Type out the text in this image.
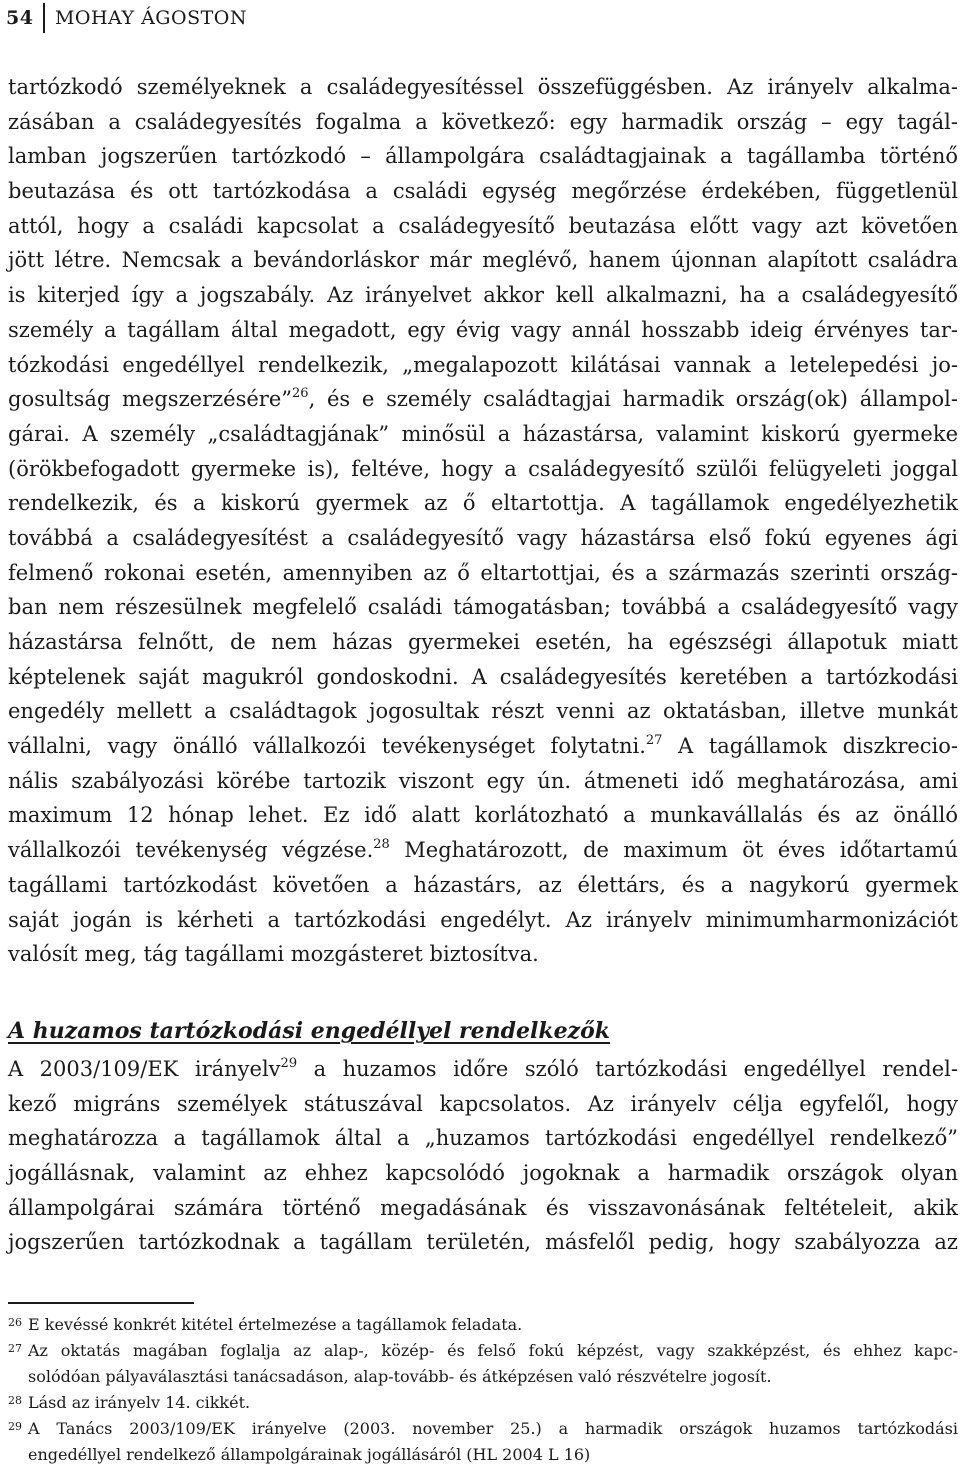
54	MOHAY ÁGOSTON
tartózkodó személyeknek a családegyesítéssel összefüggésben. Az irányelv alkalma-
zásában a családegyesítés fogalma a következő: egy harmadik ország – egy tagál-
lamban jogszerűen tartózkodó – állampolgára családtagjainak a tagállamba történő
beutazása és ott tartózkodása a családi egység megőrzése érdekében, függetlenül
attól, hogy a családi kapcsolat a családegyesítő beutazása előtt vagy azt követően
jött létre. Nemcsak a bevándorláskor már meglévő, hanem újonnan alapított családra
is kiterjed így a jogszabály. Az irányelvet akkor kell alkalmazni, ha a családegyesítő
személy a tagállam által megadott, egy évig vagy annál hosszabb ideig érvényes tar-
tózkodási engedéllyel rendelkezik, „megalapozott kilátásai vannak a letelepedési jo-
gosultság megszerzésére”$^{26}$, és e személy családtagjai harmadik ország(ok) állampol-
gárai. A személy „családtagjának” minősül a házastársa, valamint kiskorú gyermeke
(örökbefogadott gyermeke is), feltéve, hogy a családegyesítő szülői felügyeleti joggal
rendelkezik, és a kiskorú gyermek az ő eltartottja. A tagállamok engedélyezhetik
továbbá a családegyesítést a családegyesítő vagy házastársa első fokú egyenes ági
felmenő rokonai esetén, amennyiben az ő eltartottjai, és a származás szerinti ország-
ban nem részesülnek megfelelő családi támogatásban; továbbá a családegyesítő vagy
házastársa felnőtt, de nem házas gyermekei esetén, ha egészségi állapotuk miatt
képtelenek saját magukról gondoskodni. A családegyesítés keretében a tartózkodási
engedély mellett a családtagok jogosultak részt venni az oktatásban, illetve munkát
vállalni, vagy önálló vállalkozói tevékenységet folytatni.$^{27}$ A tagállamok diszkrecio-
nális szabályozási körébe tartozik viszont egy ún. átmeneti idő meghatározása, ami
maximum 12 hónap lehet. Ez idő alatt korlátozható a munkavállalás és az önálló
vállalkozói tevékenység végzése.$^{28}$ Meghatározott, de maximum öt éves időtartamú
tagállami tartózkodást követően a házastárs, az élettárs, és a nagykorú gyermek
saját jogán is kérheti a tartózkodási engedélyt. Az irányelv minimumharmonizációt
valósít meg, tág tagállami mozgásteret biztosítva.
A huzamos tartózkodási engedéllyel rendelkezők
A 2003/109/EK irányelv$^{29}$ a huzamos időre szóló tartózkodási engedéllyel rendel-
kező migráns személyek státuszával kapcsolatos. Az irányelv célja egyfelől, hogy
meghatározza a tagállamok által a „huzamos tartózkodási engedéllyel rendelkező”
jogállásnak, valamint az ehhez kapcsolódó jogoknak a harmadik országok olyan
állampolgárai számára történő megadásának és visszavonásának feltételeit, akik
jogszerűen tartózkodnak a tagállam területén, másfelől pedig, hogy szabályozza az
26 E kevéssé konkrét kitétel értelmezése a tagállamok feladata.
27 Az oktatás magában foglalja az alap-, közép- és felső fokú képzést, vagy szakképzést, és ehhez kapc-
solódóan pályaválasztási tanácsadáson, alap-tovább- és átképzésen való részvételre jogosít.
28 Lásd az irányelv 14. cikkét.
29 A Tanács 2003/109/EK irányelve (2003. november 25.) a harmadik országok huzamos tartózkodási
engedéllyel rendelkező állampolgárainak jogállásáról (HL 2004 L 16)
